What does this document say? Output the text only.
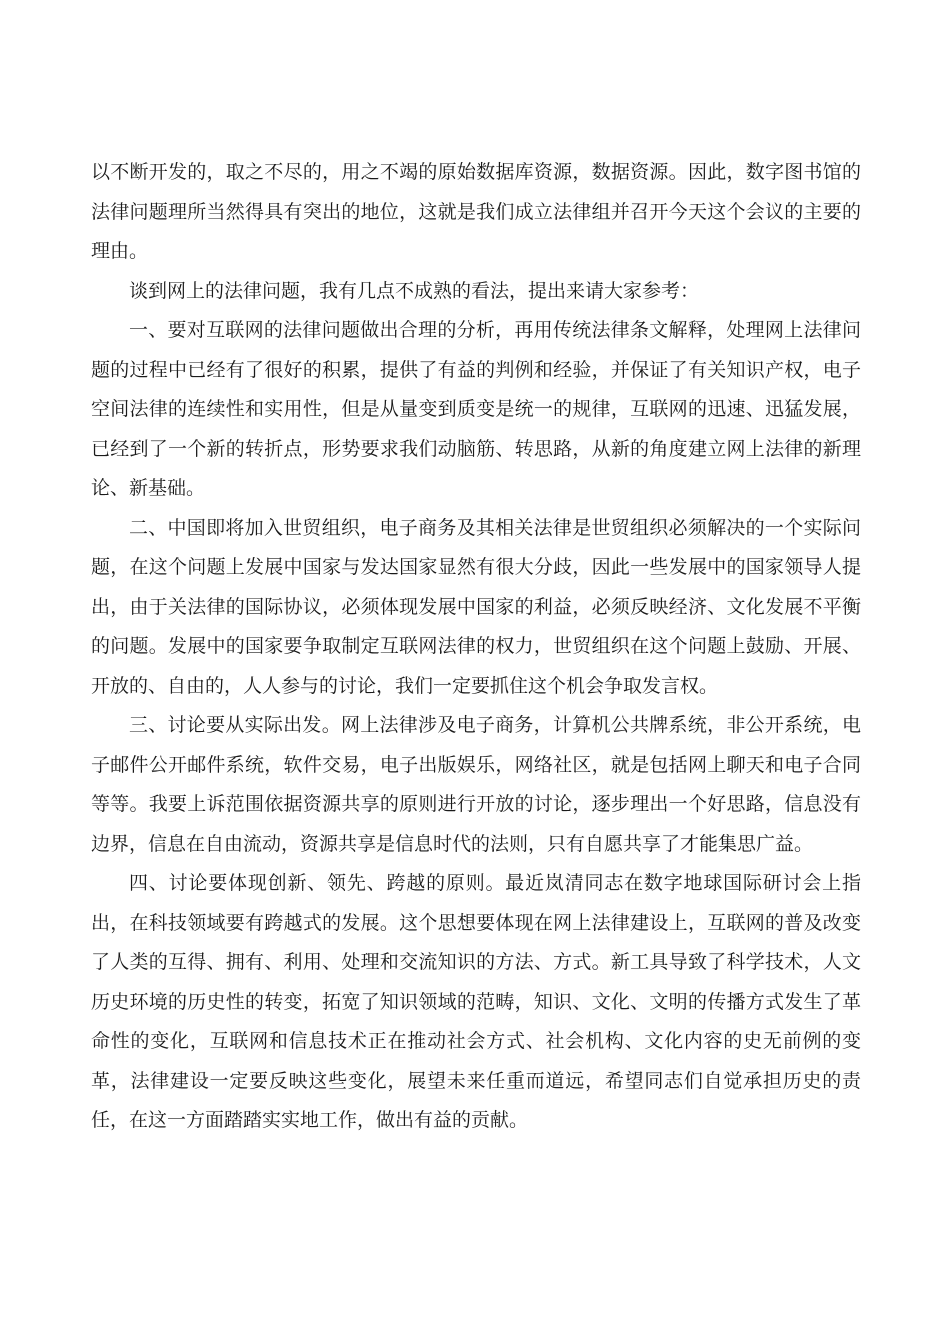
以不断开发的，取之不尽的，用之不竭的原始数据库资源，数据资源。因此，数字图书馆的法律问题理所当然得具有突出的地位，这就是我们成立法律组并召开今天这个会议的主要的理由。

谈到网上的法律问题，我有几点不成熟的看法，提出来请大家参考：

一、要对互联网的法律问题做出合理的分析，再用传统法律条文解释，处理网上法律问题的过程中已经有了很好的积累，提供了有益的判例和经验，并保证了有关知识产权，电子空间法律的连续性和实用性，但是从量变到质变是统一的规律，互联网的迅速、迅猛发展，已经到了一个新的转折点，形势要求我们动脑筋、转思路，从新的角度建立网上法律的新理论、新基础。

二、中国即将加入世贸组织，电子商务及其相关法律是世贸组织必须解决的一个实际问题，在这个问题上发展中国家与发达国家显然有很大分歧，因此一些发展中的国家领导人提出，由于关法律的国际协议，必须体现发展中国家的利益，必须反映经济、文化发展不平衡的问题。发展中的国家要争取制定互联网法律的权力，世贸组织在这个问题上鼓励、开展、开放的、自由的，人人参与的讨论，我们一定要抓住这个机会争取发言权。

三、讨论要从实际出发。网上法律涉及电子商务，计算机公共牌系统，非公开系统，电子邮件公开邮件系统，软件交易，电子出版娱乐，网络社区，就是包括网上聊天和电子合同等等。我要上诉范围依据资源共享的原则进行开放的讨论，逐步理出一个好思路，信息没有边界，信息在自由流动，资源共享是信息时代的法则，只有自愿共享了才能集思广益。

四、讨论要体现创新、领先、跨越的原则。最近岚清同志在数字地球国际研讨会上指出，在科技领域要有跨越式的发展。这个思想要体现在网上法律建设上，互联网的普及改变了人类的互得、拥有、利用、处理和交流知识的方法、方式。新工具导致了科学技术，人文历史环境的历史性的转变，拓宽了知识领域的范畴，知识、文化、文明的传播方式发生了革命性的变化，互联网和信息技术正在推动社会方式、社会机构、文化内容的史无前例的变革，法律建设一定要反映这些变化，展望未来任重而道远，希望同志们自觉承担历史的责任，在这一方面踏踏实实地工作，做出有益的贡献。
